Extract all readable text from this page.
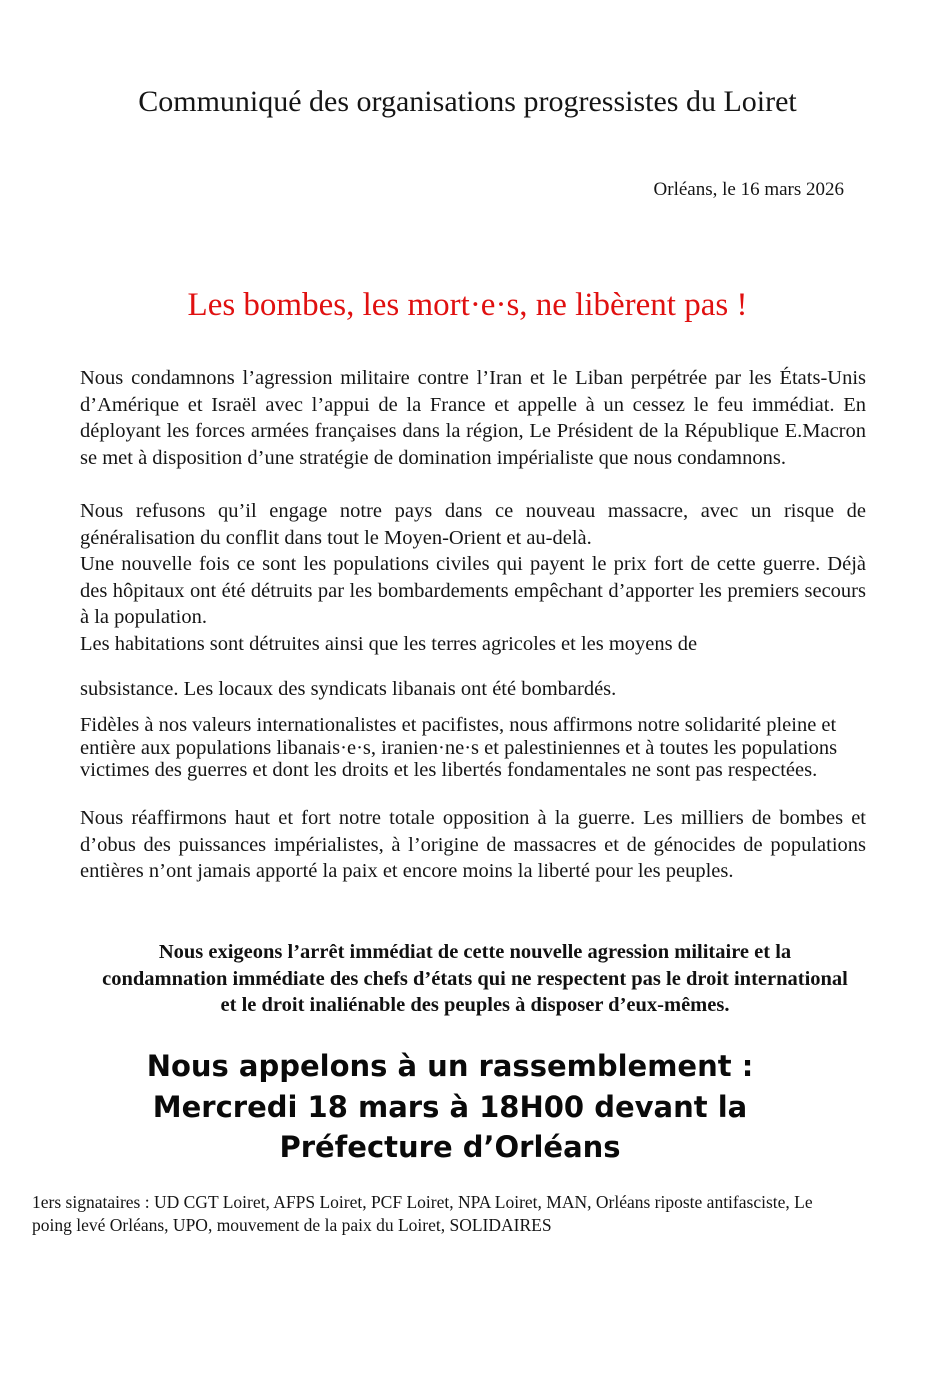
Communiqué des organisations progressistes du Loiret
Orléans, le 16 mars 2026
Les bombes, les mort·e·s, ne libèrent pas !

Nous condamnons l’agression militaire contre l’Iran et le Liban perpétrée par les États-Unis d’Amérique et Israël avec l’appui de la France et appelle à un cessez le feu immédiat. En déployant les forces armées françaises dans la région, Le Président de la République E.Macron se met à disposition d’une stratégie de domination impérialiste que nous condamnons.

Nous refusons qu’il engage notre pays dans ce nouveau massacre, avec un risque de généralisation du conflit dans tout le Moyen-Orient et au-delà.

Une nouvelle fois ce sont les populations civiles qui payent le prix fort de cette guerre. Déjà des hôpitaux ont été détruits par les bombardements empêchant d’apporter les premiers secours à la population.

Les habitations sont détruites ainsi que les terres agricoles et les moyens de

subsistance. Les locaux des syndicats libanais ont été bombardés.

Fidèles à nos valeurs internationalistes et pacifistes, nous affirmons notre solidarité pleine et entière aux populations libanais·e·s, iranien·ne·s et palestiniennes et à toutes les populations victimes des guerres et dont les droits et les libertés fondamentales ne sont pas respectées.

Nous réaffirmons haut et fort notre totale opposition à la guerre. Les milliers de bombes et d’obus des puissances impérialistes, à l’origine de massacres et de génocides de populations entières n’ont jamais apporté la paix et encore moins la liberté pour les peuples.

Nous exigeons l’arrêt immédiat de cette nouvelle agression militaire et la condamnation immédiate des chefs d’états qui ne respectent pas le droit international et le droit inaliénable des peuples à disposer d’eux-mêmes.

Nous appelons à un rassemblement :
Mercredi 18 mars à 18H00 devant la
Préfecture d’Orléans

1ers signataires : UD CGT Loiret, AFPS Loiret, PCF Loiret, NPA Loiret, MAN, Orléans riposte antifasciste, Le poing levé Orléans, UPO, mouvement de la paix du Loiret, SOLIDAIRES
